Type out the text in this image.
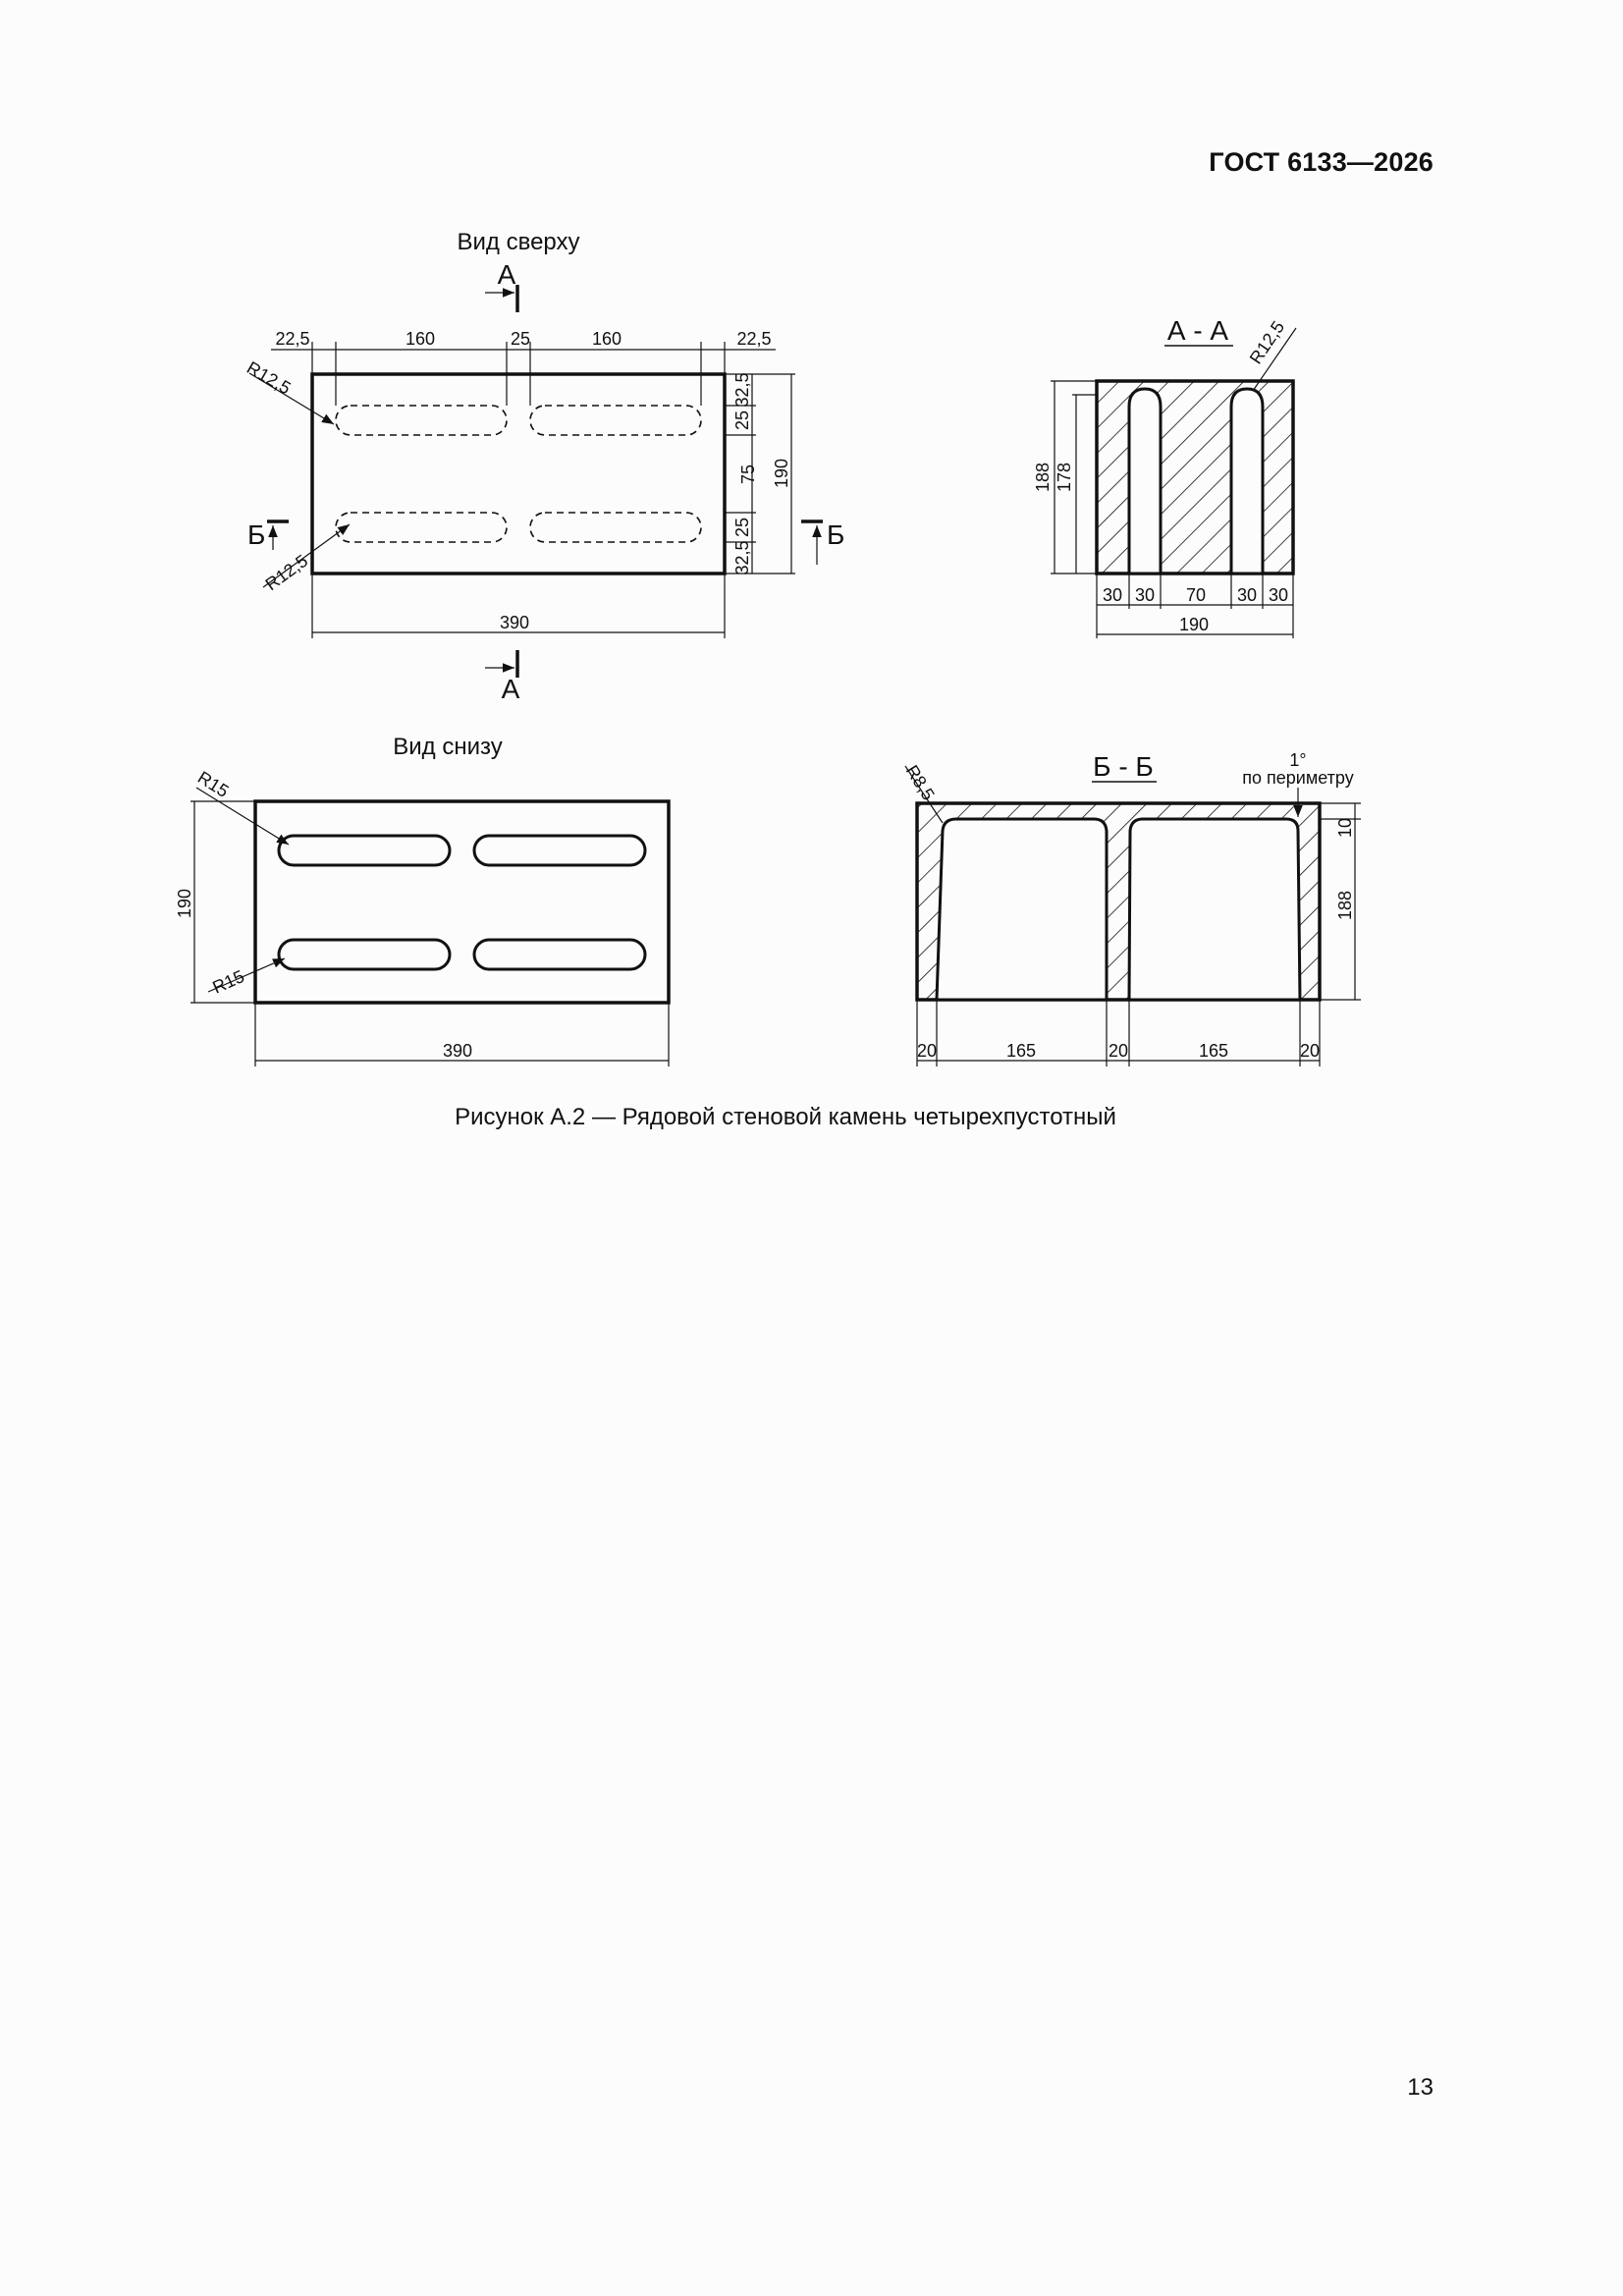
ГОСТ 6133—2026
Вид сверху
А
22,5	160	25	160	22,5
R12,5
R12,5
32,5
25
75
25
32,5
190
Б	Б
390
А
А - А R12,5
188 178
30 30 70 30 30
190
Вид снизу
R15
R15
190
390
Б - Б	1°
по периметру
R8,5
10
188
20	165	20	165	20
Рисунок А.2 — Рядовой стеновой камень четырехпустотный
13
